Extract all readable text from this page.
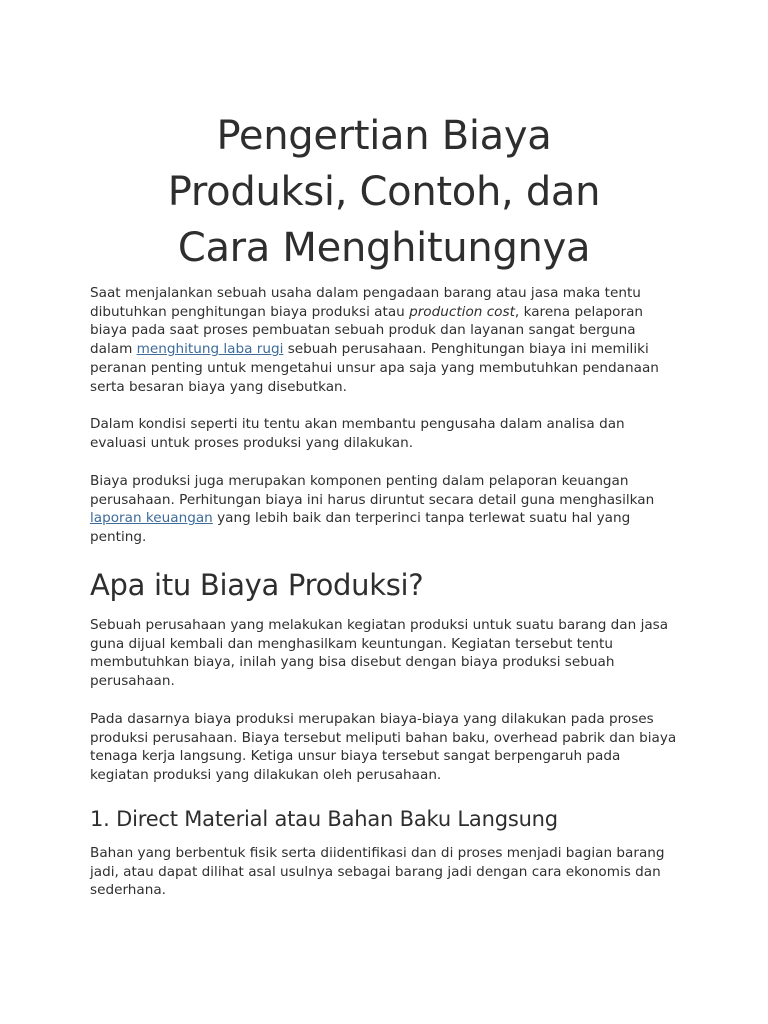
Pengertian Biaya
Produksi, Contoh, dan
Cara Menghitungnya

Saat menjalankan sebuah usaha dalam pengadaan barang atau jasa maka tentu dibutuhkan penghitungan biaya produksi atau production cost, karena pelaporan biaya pada saat proses pembuatan sebuah produk dan layanan sangat berguna dalam menghitung laba rugi sebuah perusahaan. Penghitungan biaya ini memiliki peranan penting untuk mengetahui unsur apa saja yang membutuhkan pendanaan serta besaran biaya yang disebutkan.

Dalam kondisi seperti itu tentu akan membantu pengusaha dalam analisa dan evaluasi untuk proses produksi yang dilakukan.

Biaya produksi juga merupakan komponen penting dalam pelaporan keuangan perusahaan. Perhitungan biaya ini harus diruntut secara detail guna menghasilkan laporan keuangan yang lebih baik dan terperinci tanpa terlewat suatu hal yang penting.

Apa itu Biaya Produksi?

Sebuah perusahaan yang melakukan kegiatan produksi untuk suatu barang dan jasa guna dijual kembali dan menghasilkam keuntungan. Kegiatan tersebut tentu membutuhkan biaya, inilah yang bisa disebut dengan biaya produksi sebuah perusahaan.

Pada dasarnya biaya produksi merupakan biaya-biaya yang dilakukan pada proses produksi perusahaan. Biaya tersebut meliputi bahan baku, overhead pabrik dan biaya tenaga kerja langsung. Ketiga unsur biaya tersebut sangat berpengaruh pada kegiatan produksi yang dilakukan oleh perusahaan.

1. Direct Material atau Bahan Baku Langsung

Bahan yang berbentuk fisik serta diidentifikasi dan di proses menjadi bagian barang jadi, atau dapat dilihat asal usulnya sebagai barang jadi dengan cara ekonomis dan sederhana.
